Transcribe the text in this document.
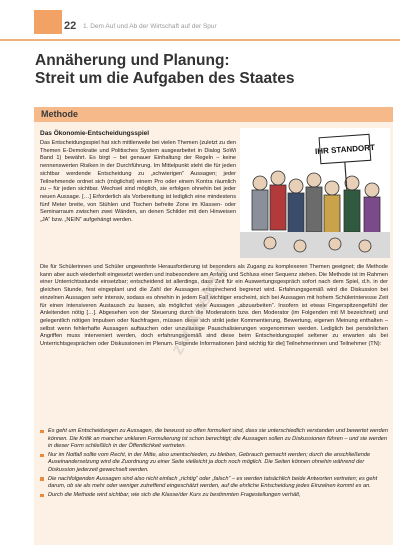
22 1. Dem Auf und Ab der Wirtschaft auf der Spur
Annäherung und Planung:
Streit um die Aufgaben des Staates
Methode
Das Ökonomie-Entscheidungsspiel
Das Entscheidungsspiel hat sich mittlerweile bei vielen Themen (zuletzt zu den Themen E-Demokratie und Politisches System ausgearbeitet in Dialog SoWi Band 1) bewährt. Es birgt – bei genauer Einhaltung der Regeln – keine nennenswerten Risiken in der Durchführung. Im Mittelpunkt steht die für jeden sichtbar werdende Entscheidung zu „schwierigen“ Aussagen; jeder Teilnehmende ordnet sich (möglichst) einem Pro oder einem Kontra räumlich zu – für jeden sichtbar. Wechsel sind möglich, sie erfolgen ohnehin bei jeder neuen Aussage. […] Erforderlich als Vorbereitung ist lediglich eine mindestens fünf Meter breite, von Stühlen und Tischen befreite Zone im Klassen- oder Seminarraum zwischen zwei Wänden, an denen Schilder mit den Hinweisen „JA“ bzw. „NEIN“ aufgehängt werden.
IHR STANDORT
Die für Schülerinnen und Schüler ungewohnte Herausforderung ist besonders als Zugang zu komplexeren Themen geeignet; die Methode kann aber auch wiederholt eingesetzt werden und insbesondere am Anfang und Schluss einer Sequenz stehen. Die Methode ist im Rahmen einer Unterrichtsstunde einsetzbar; entscheidend ist allerdings, dass Zeit für ein Auswertungsgespräch sofort nach dem Spiel, d.h. in der gleichen Stunde, fest eingeplant und die Zahl der Aussagen entsprechend begrenzt wird. Erfahrungsgemäß wird die Diskussion bei einzelnen Aussagen sehr intensiv, sodass es ohnehin in jedem Fall wichtiger erscheint, sich bei Aussagen mit hohem Schülerinteresse Zeit für einen intensiveren Austausch zu lassen, als möglichst viele Aussagen „abzuarbeiten“. Insofern ist etwas Fingerspitzengefühl der Anleitenden nötig […]. Abgesehen von der Steuerung durch die Moderatorin bzw. den Moderator (im Folgenden mit M bezeichnet) und gelegentlich nötigen Impulsen oder Nachfragen, müssen diese sich strikt jeder Kommentierung, Bewertung, eigenen Meinung enthalten – selbst wenn fehlerhafte Aussagen auftauchen oder unzulässige Pauschalisierungen vorgenommen werden. Lediglich bei persönlichen Angriffen muss interveniert werden, doch erfahrungsgemäß sind diese beim Entscheidungsspiel seltener zu erwarten als bei Unterrichtsgesprächen oder Diskussionen im Plenum. Folgende Informationen [sind wichtig für die] Teilnehmerinnen und Teilnehmer (TN):
Es geht um Entscheidungen zu Aussagen, die bewusst so offen formuliert sind, dass sie unterschiedlich verstanden und bewertet werden können. Die Kritik an mancher unklaren Formulierung ist schon berechtigt; die Aussagen sollen zu Diskussionen führen – und sie werden in dieser Form schließlich in der Öffentlichkeit vertreten.
Nur im Notfall sollte vom Recht, in der Mitte, also unentschieden, zu bleiben, Gebrauch gemacht werden; durch die anschließende Auseinandersetzung wird die Zuordnung zu einer Seite vielleicht ja doch noch möglich. Die Seiten können ohnehin während der Diskussion jederzeit gewechselt werden.
Die nachfolgenden Aussagen sind also nicht einfach „richtig“ oder „falsch“ – es werden tatsächlich beide Antworten vertreten; es geht darum, ob sie als mehr oder weniger zutreffend eingeschätzt werden, auf die ehrliche Entscheidung jedes Einzelnen kommt es an.
Durch die Methode wird sichtbar, wie sich die Klasse/der Kurs zu bestimmten Fragestellungen verhält,
zur Ansicht
